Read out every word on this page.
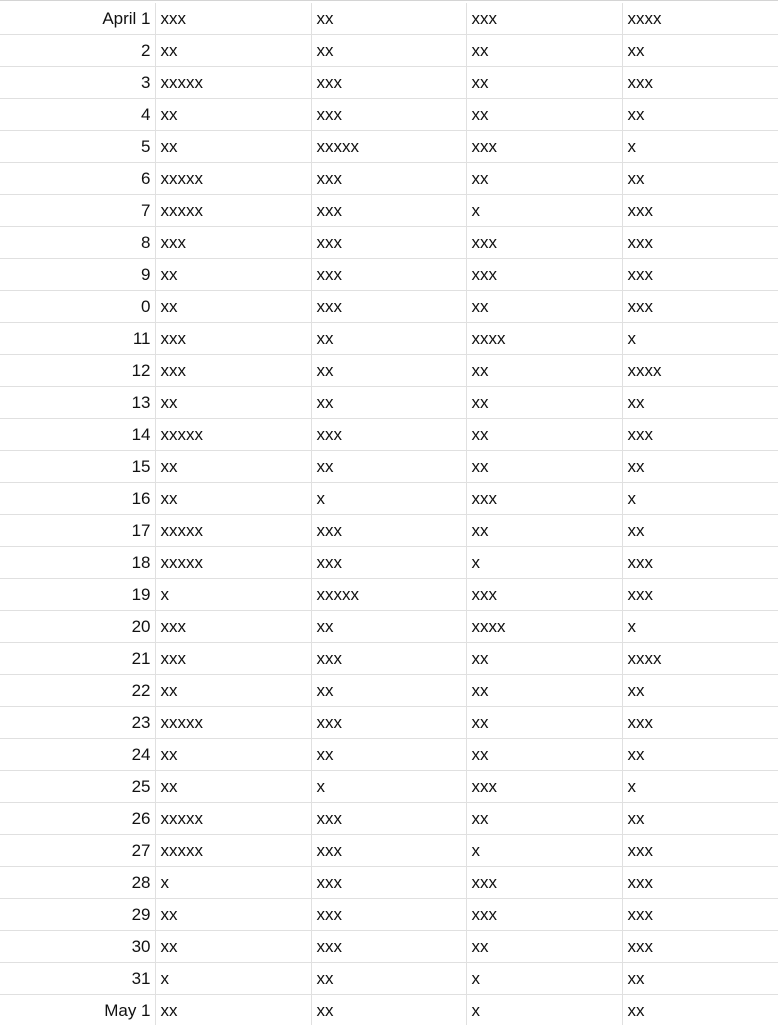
April 1	xxx	xx	xxx	xxxx
2	xx	xx	xx	xx
3	xxxxx	xxx	xx	xxx
4	xx	xxx	xx	xx
5	xx	xxxxx	xxx	x
6	xxxxx	xxx	xx	xx
7	xxxxx	xxx	x	xxx
8	xxx	xxx	xxx	xxx
9	xx	xxx	xxx	xxx
0	xx	xxx	xx	xxx
11	xxx	xx	xxxx	x
12	xxx	xx	xx	xxxx
13	xx	xx	xx	xx
14	xxxxx	xxx	xx	xxx
15	xx	xx	xx	xx
16	xx	x	xxx	x
17	xxxxx	xxx	xx	xx
18	xxxxx	xxx	x	xxx
19	x	xxxxx	xxx	xxx
20	xxx	xx	xxxx	x
21	xxx	xxx	xx	xxxx
22	xx	xx	xx	xx
23	xxxxx	xxx	xx	xxx
24	xx	xx	xx	xx
25	xx	x	xxx	x
26	xxxxx	xxx	xx	xx
27	xxxxx	xxx	x	xxx
28	x	xxx	xxx	xxx
29	xx	xxx	xxx	xxx
30	xx	xxx	xx	xxx
31	x	xx	x	xx
May 1	xx	xx	x	xx
